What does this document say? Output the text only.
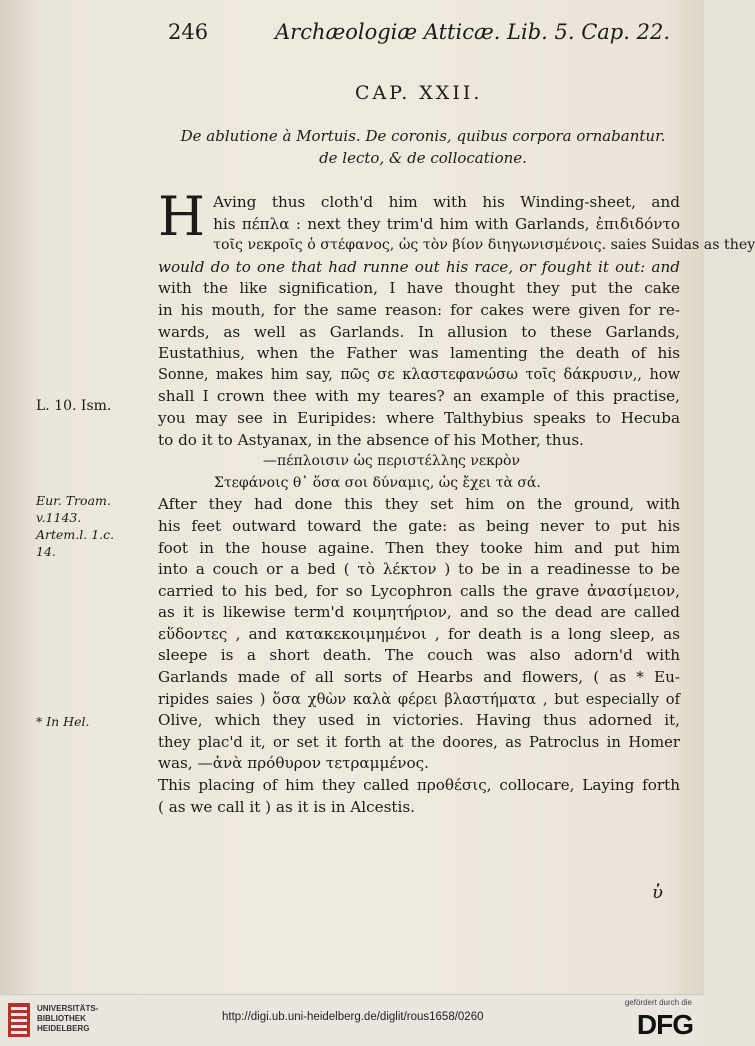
246	Archæologiæ Atticæ. Lib. 5. Cap. 22.
CAP. XXII.
De ablutione à Mortuis. De coronis, quibus corpora ornabantur.
de lecto, & de collocatione.
L. 10. Ism.
Eur. Troam.
v.1143.
Artem.l. 1.c.
14.
* In Hel.
H Aving thus cloth'd him with his Winding-sheet, and
his πέπλα : next they trim'd him with Garlands, ἐπιδιδόντο
τοῖς νεκροῖς ὁ στέφανος, ὡς τὸν βίον διηγωνισμένοις. saies Suidas as they
would do to one that had runne out his race, or fought it out: and
with the like signification, I have thought they put the cake
in his mouth, for the same reason: for cakes were given for re-
wards, as well as Garlands. In allusion to these Garlands,
Eustathius, when the Father was lamenting the death of his
Sonne, makes him say, πῶς σε κλαστεφανώσω τοῖς δάκρυσιν,, how
shall I crown thee with my teares? an example of this practise,
you may see in Euripides: where Talthybius speaks to Hecuba
to do it to Astyanax, in the absence of his Mother, thus.
—πέπλοισιν ὡς περιστέλλης νεκρὸν
Στεφάνοις θ᾽ ὅσα σοι δύναμις, ὡς ἔχει τὰ σά.
After they had done this they set him on the ground, with
his feet outward toward the gate: as being never to put his
foot in the house againe. Then they tooke him and put him
into a couch or a bed ( τὸ λέκτον ) to be in a readinesse to be
carried to his bed, for so Lycophron calls the grave ἀνασίμειον,
as it is likewise term'd κοιμητήριον, and so the dead are called
εὕδοντες , and κατακεκοιμημένοι , for death is a long sleep, as
sleepe is a short death. The couch was also adorn'd with
Garlands made of all sorts of Hearbs and flowers, ( as * Eu-
ripides saies ) ὅσα χθὼν καλὰ φέρει βλαστήματα , but especially of
Olive, which they used in victories. Having thus adorned it,
they plac'd it, or set it forth at the doores, as Patroclus in Homer
was, —ἀνὰ πρόθυρον τετραμμένος.
This placing of him they called προθέσις, collocare, Laying forth
( as we call it ) as it is in Alcestis.
ὑ
UNIVERSITÄTS-
BIBLIOTHEK
HEIDELBERG
http://digi.ub.uni-heidelberg.de/diglit/rous1658/0260
gefördert durch die
DFG
